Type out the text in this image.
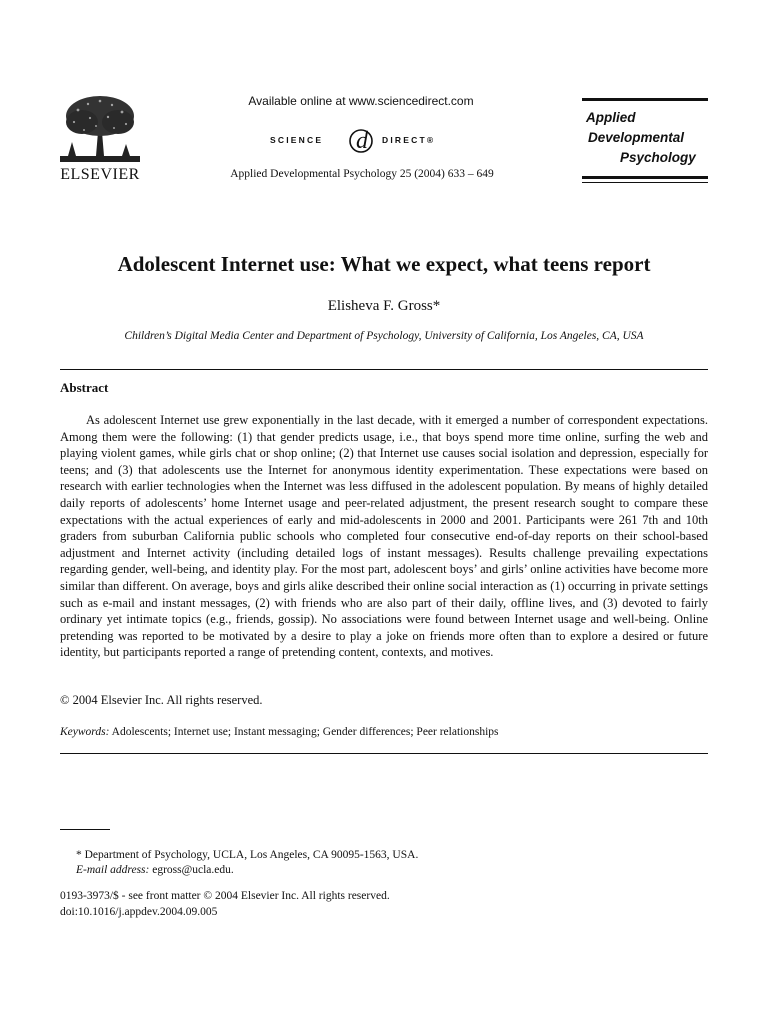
ELSEVIER
Available online at www.sciencedirect.com
SCIENCE d DIRECT®
Applied Developmental Psychology 25 (2004) 633 – 649
Applied
Developmental
Psychology
Adolescent Internet use: What we expect, what teens report
Elisheva F. Gross*
Children’s Digital Media Center and Department of Psychology, University of California, Los Angeles, CA, USA
Abstract

As adolescent Internet use grew exponentially in the last decade, with it emerged a number of correspondent expectations. Among them were the following: (1) that gender predicts usage, i.e., that boys spend more time online, surfing the web and playing violent games, while girls chat or shop online; (2) that Internet use causes social isolation and depression, especially for teens; and (3) that adolescents use the Internet for anonymous identity experimentation. These expectations were based on research with earlier technologies when the Internet was less diffused in the adolescent population. By means of highly detailed daily reports of adolescents’ home Internet usage and peer-related adjustment, the present research sought to compare these expectations with the actual experiences of early and mid-adolescents in 2000 and 2001. Participants were 261 7th and 10th graders from suburban California public schools who completed four consecutive end-of-day reports on their school-based adjustment and Internet activity (including detailed logs of instant messages). Results challenge prevailing expectations regarding gender, well-being, and identity play. For the most part, adolescent boys’ and girls’ online activities have become more similar than different. On average, boys and girls alike described their online social interaction as (1) occurring in private settings such as e-mail and instant messages, (2) with friends who are also part of their daily, offline lives, and (3) devoted to fairly ordinary yet intimate topics (e.g., friends, gossip). No associations were found between Internet usage and well-being. Online pretending was reported to be motivated by a desire to play a joke on friends more often than to explore a desired or future identity, but participants reported a range of pretending content, contexts, and motives.

© 2004 Elsevier Inc. All rights reserved.
Keywords: Adolescents; Internet use; Instant messaging; Gender differences; Peer relationships
* Department of Psychology, UCLA, Los Angeles, CA 90095-1563, USA.
E-mail address: egross@ucla.edu.
0193-3973/$ - see front matter © 2004 Elsevier Inc. All rights reserved.
doi:10.1016/j.appdev.2004.09.005
